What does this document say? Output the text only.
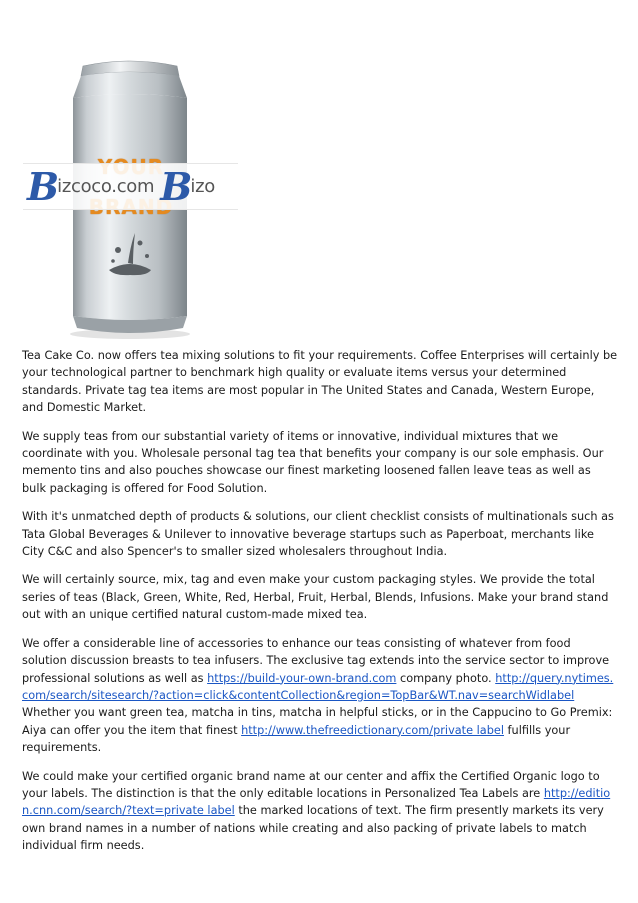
B
izcoco.com B
izo

Tea Cake Co. now offers tea mixing solutions to fit your requirements. Coffee Enterprises will certainly be your technological partner to benchmark high quality or evaluate items versus your determined standards. Private tag tea items are most popular in The United States and Canada, Western Europe, and Domestic Market.

We supply teas from our substantial variety of items or innovative, individual mixtures that we coordinate with you. Wholesale personal tag tea that benefits your company is our sole emphasis. Our memento tins and also pouches showcase our finest marketing loosened fallen leave teas as well as bulk packaging is offered for Food Solution.

With it's unmatched depth of products & solutions, our client checklist consists of multinationals such as Tata Global Beverages & Unilever to innovative beverage startups such as Paperboat, merchants like City C&C and also Spencer's to smaller sized wholesalers throughout India.

We will certainly source, mix, tag and even make your custom packaging styles. We provide the total series of teas (Black, Green, White, Red, Herbal, Fruit, Herbal, Blends, Infusions. Make your brand stand out with an unique certified natural custom-made mixed tea.

We offer a considerable line of accessories to enhance our teas consisting of whatever from food solution discussion breasts to tea infusers. The exclusive tag extends into the service sector to improve professional solutions as well as https://build-your-own-brand.com company photo. http://query.nytimes.com/search/sitesearch/?action=click&contentCollection&region=TopBar&WT.nav=searchWidlabel Whether you want green tea, matcha in tins, matcha in helpful sticks, or in the Cappucino to Go Premix: Aiya can offer you the item that finest http://www.thefreedictionary.com/private label fulfills your requirements.

We could make your certified organic brand name at our center and affix the Certified Organic logo to your labels. The distinction is that the only editable locations in Personalized Tea Labels are http://edition.cnn.com/search/?text=private label the marked locations of text. The firm presently markets its very own brand names in a number of nations while creating and also packing of private labels to match individual firm needs.
